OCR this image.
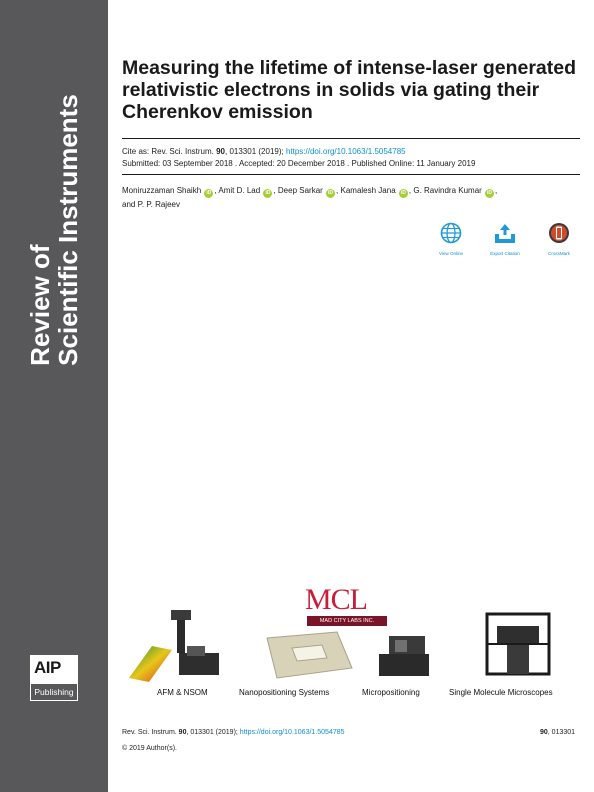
Review of
Scientific Instruments
AIP
Publishing
Measuring the lifetime of intense-laser generated relativistic electrons in solids via gating their Cherenkov emission
Cite as: Rev. Sci. Instrum. 90, 013301 (2019); https://doi.org/10.1063/1.5054785
Submitted: 03 September 2018 . Accepted: 20 December 2018 . Published Online: 11 January 2019
Moniruzzaman Shaikh iD , Amit D. Lad iD , Deep Sarkar iD , Kamalesh Jana iD , G. Ravindra Kumar iD ,
and P. P. Rajeev
View Online	Export Citation	CrossMark
MCL
MAD CITY LABS INC.
AFM & NSOM	Nanopositioning Systems	Micropositioning	Single Molecule Microscopes
Rev. Sci. Instrum. 90, 013301 (2019); https://doi.org/10.1063/1.5054785	90, 013301
© 2019 Author(s).
